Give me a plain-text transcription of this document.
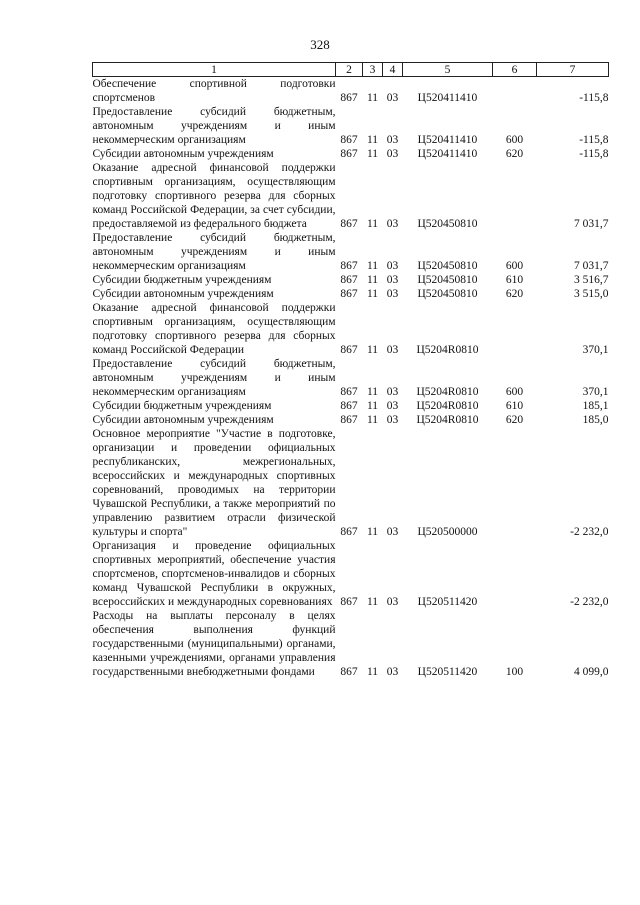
328
1	2	3	4	5	6	7
Обеспечение спортивной подготовки спортсменов	867	11	03	Ц520411410		-115,8
Предоставление субсидий бюджетным, автономным учреждениям и иным некоммерческим организациям	867	11	03	Ц520411410	600	-115,8
Субсидии автономным учреждениям	867	11	03	Ц520411410	620	-115,8
Оказание адресной финансовой поддержки спортивным организациям, осуществляющим подготовку спортивного резерва для сборных команд Российской Федерации, за счет субсидии, предоставляемой из федерального бюджета	867	11	03	Ц520450810		7 031,7
Предоставление субсидий бюджетным, автономным учреждениям и иным некоммерческим организациям	867	11	03	Ц520450810	600	7 031,7
Субсидии бюджетным учреждениям	867	11	03	Ц520450810	610	3 516,7
Субсидии автономным учреждениям	867	11	03	Ц520450810	620	3 515,0
Оказание адресной финансовой поддержки спортивным организациям, осуществляющим подготовку спортивного резерва для сборных команд Российской Федерации	867	11	03	Ц5204R0810		370,1
Предоставление субсидий бюджетным, автономным учреждениям и иным некоммерческим организациям	867	11	03	Ц5204R0810	600	370,1
Субсидии бюджетным учреждениям	867	11	03	Ц5204R0810	610	185,1
Субсидии автономным учреждениям	867	11	03	Ц5204R0810	620	185,0
Основное мероприятие "Участие в подготовке, организации и проведении официальных республиканских, межрегиональных, всероссийских и международных спортивных соревнований, проводимых на территории Чувашской Республики, а также мероприятий по управлению развитием отрасли физической культуры и спорта"	867	11	03	Ц520500000		-2 232,0
Организация и проведение официальных спортивных мероприятий, обеспечение участия спортсменов, спортсменов-инвалидов и сборных команд Чувашской Республики в окружных, всероссийских и международных соревнованиях	867	11	03	Ц520511420		-2 232,0
Расходы на выплаты персоналу в целях обеспечения выполнения функций государственными (муниципальными) органами, казенными учреждениями, органами управления государственными внебюджетными фондами	867	11	03	Ц520511420	100	4 099,0
